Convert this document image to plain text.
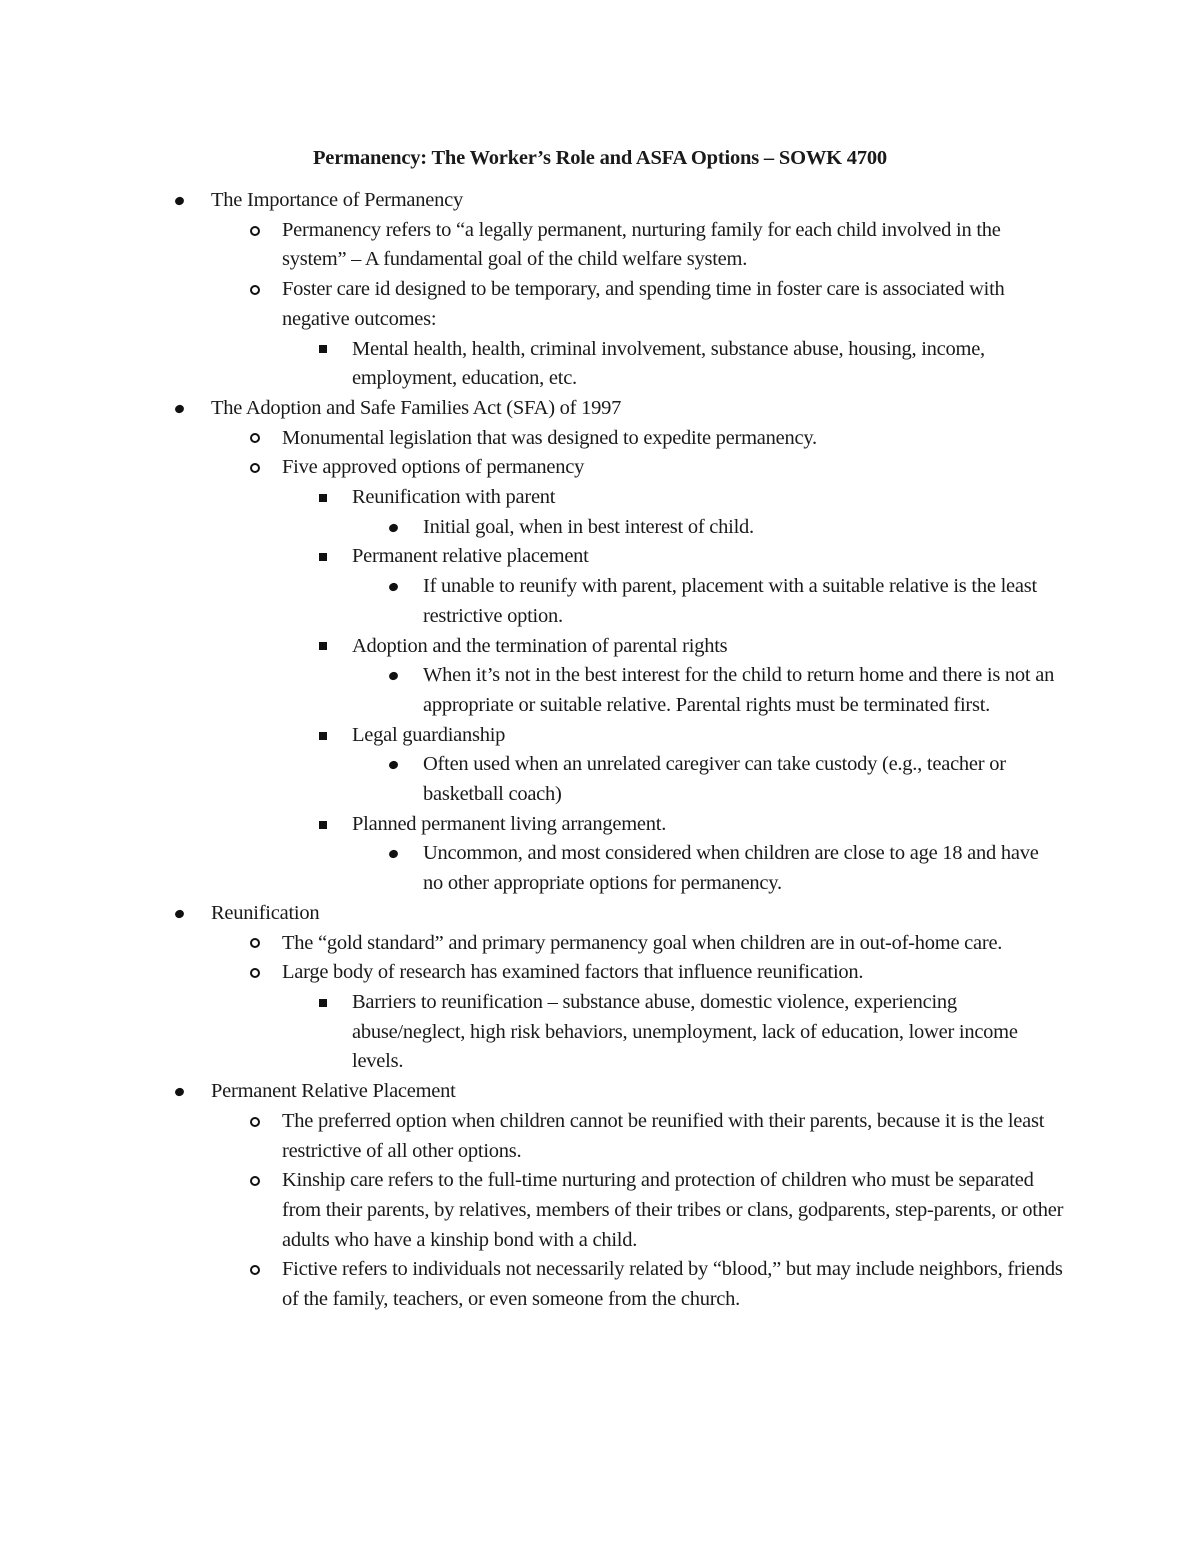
Permanency: The Worker’s Role and ASFA Options – SOWK 4700
The Importance of Permanency
Permanency refers to “a legally permanent, nurturing family for each child involved in the system” – A fundamental goal of the child welfare system.
Foster care id designed to be temporary, and spending time in foster care is associated with negative outcomes:
Mental health, health, criminal involvement, substance abuse, housing, income, employment, education, etc.
The Adoption and Safe Families Act (SFA) of 1997
Monumental legislation that was designed to expedite permanency.
Five approved options of permanency
Reunification with parent
Initial goal, when in best interest of child.
Permanent relative placement
If unable to reunify with parent, placement with a suitable relative is the least restrictive option.
Adoption and the termination of parental rights
When it’s not in the best interest for the child to return home and there is not an appropriate or suitable relative. Parental rights must be terminated first.
Legal guardianship
Often used when an unrelated caregiver can take custody (e.g., teacher or basketball coach)
Planned permanent living arrangement.
Uncommon, and most considered when children are close to age 18 and have no other appropriate options for permanency.
Reunification
The “gold standard” and primary permanency goal when children are in out-of-home care.
Large body of research has examined factors that influence reunification.
Barriers to reunification – substance abuse, domestic violence, experiencing abuse/neglect, high risk behaviors, unemployment, lack of education, lower income levels.
Permanent Relative Placement
The preferred option when children cannot be reunified with their parents, because it is the least restrictive of all other options.
Kinship care refers to the full-time nurturing and protection of children who must be separated from their parents, by relatives, members of their tribes or clans, godparents, step-parents, or other adults who have a kinship bond with a child.
Fictive refers to individuals not necessarily related by “blood,” but may include neighbors, friends of the family, teachers, or even someone from the church.
